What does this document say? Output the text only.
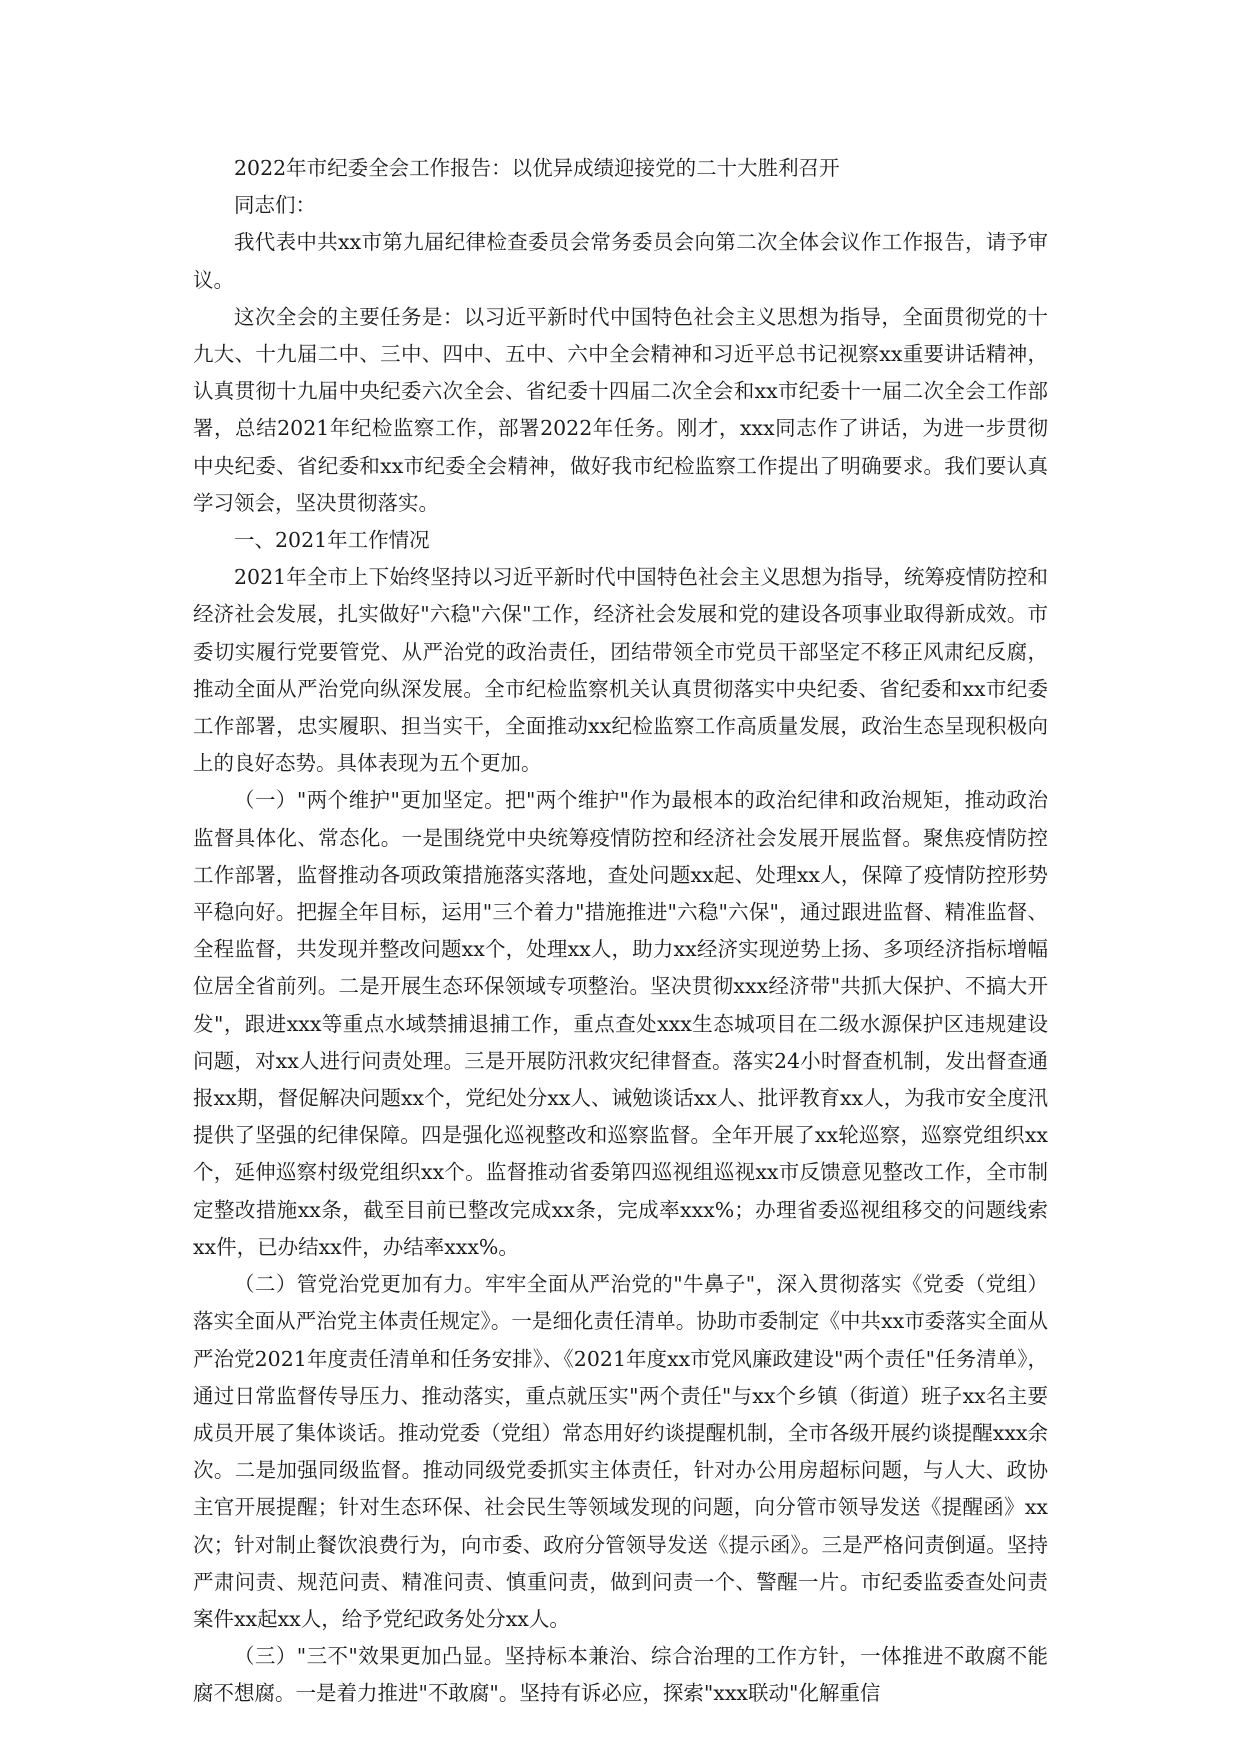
2022年市纪委全会工作报告：以优异成绩迎接党的二十大胜利召开

同志们：

我代表中共xx市第九届纪律检查委员会常务委员会向第二次全体会议作工作报告，请予审议。

这次全会的主要任务是：以习近平新时代中国特色社会主义思想为指导，全面贯彻党的十九大、十九届二中、三中、四中、五中、六中全会精神和习近平总书记视察xx重要讲话精神，认真贯彻十九届中央纪委六次全会、省纪委十四届二次全会和xx市纪委十一届二次全会工作部署，总结2021年纪检监察工作，部署2022年任务。刚才，xxx同志作了讲话，为进一步贯彻中央纪委、省纪委和xx市纪委全会精神，做好我市纪检监察工作提出了明确要求。我们要认真学习领会，坚决贯彻落实。

一、2021年工作情况

2021年全市上下始终坚持以习近平新时代中国特色社会主义思想为指导，统筹疫情防控和经济社会发展，扎实做好"六稳"六保"工作，经济社会发展和党的建设各项事业取得新成效。市委切实履行党要管党、从严治党的政治责任，团结带领全市党员干部坚定不移正风肃纪反腐，推动全面从严治党向纵深发展。全市纪检监察机关认真贯彻落实中央纪委、省纪委和xx市纪委工作部署，忠实履职、担当实干，全面推动xx纪检监察工作高质量发展，政治生态呈现积极向上的良好态势。具体表现为五个更加。

（一）"两个维护"更加坚定。把"两个维护"作为最根本的政治纪律和政治规矩，推动政治监督具体化、常态化。一是围绕党中央统筹疫情防控和经济社会发展开展监督。聚焦疫情防控工作部署，监督推动各项政策措施落实落地，查处问题xx起、处理xx人，保障了疫情防控形势平稳向好。把握全年目标，运用"三个着力"措施推进"六稳"六保"，通过跟进监督、精准监督、全程监督，共发现并整改问题xx个，处理xx人，助力xx经济实现逆势上扬、多项经济指标增幅位居全省前列。二是开展生态环保领域专项整治。坚决贯彻xxx经济带"共抓大保护、不搞大开发"，跟进xxx等重点水域禁捕退捕工作，重点查处xxx生态城项目在二级水源保护区违规建设问题，对xx人进行问责处理。三是开展防汛救灾纪律督查。落实24小时督查机制，发出督查通报xx期，督促解决问题xx个，党纪处分xx人、诫勉谈话xx人、批评教育xx人，为我市安全度汛提供了坚强的纪律保障。四是强化巡视整改和巡察监督。全年开展了xx轮巡察，巡察党组织xx个，延伸巡察村级党组织xx个。监督推动省委第四巡视组巡视xx市反馈意见整改工作，全市制定整改措施xx条，截至目前已整改完成xx条，完成率xxx%；办理省委巡视组移交的问题线索xx件，已办结xx件，办结率xxx%。

（二）管党治党更加有力。牢牢全面从严治党的"牛鼻子"，深入贯彻落实《党委（党组）落实全面从严治党主体责任规定》。一是细化责任清单。协助市委制定《中共xx市委落实全面从严治党2021年度责任清单和任务安排》、《2021年度xx市党风廉政建设"两个责任"任务清单》，通过日常监督传导压力、推动落实，重点就压实"两个责任"与xx个乡镇（街道）班子xx名主要成员开展了集体谈话。推动党委（党组）常态用好约谈提醒机制，全市各级开展约谈提醒xxx余次。二是加强同级监督。推动同级党委抓实主体责任，针对办公用房超标问题，与人大、政协主官开展提醒；针对生态环保、社会民生等领域发现的问题，向分管市领导发送《提醒函》xx次；针对制止餐饮浪费行为，向市委、政府分管领导发送《提示函》。三是严格问责倒逼。坚持严肃问责、规范问责、精准问责、慎重问责，做到问责一个、警醒一片。市纪委监委查处问责案件xx起xx人，给予党纪政务处分xx人。

（三）"三不"效果更加凸显。坚持标本兼治、综合治理的工作方针，一体推进不敢腐不能腐不想腐。一是着力推进"不敢腐"。坚持有诉必应，探索"xxx联动"化解重信
